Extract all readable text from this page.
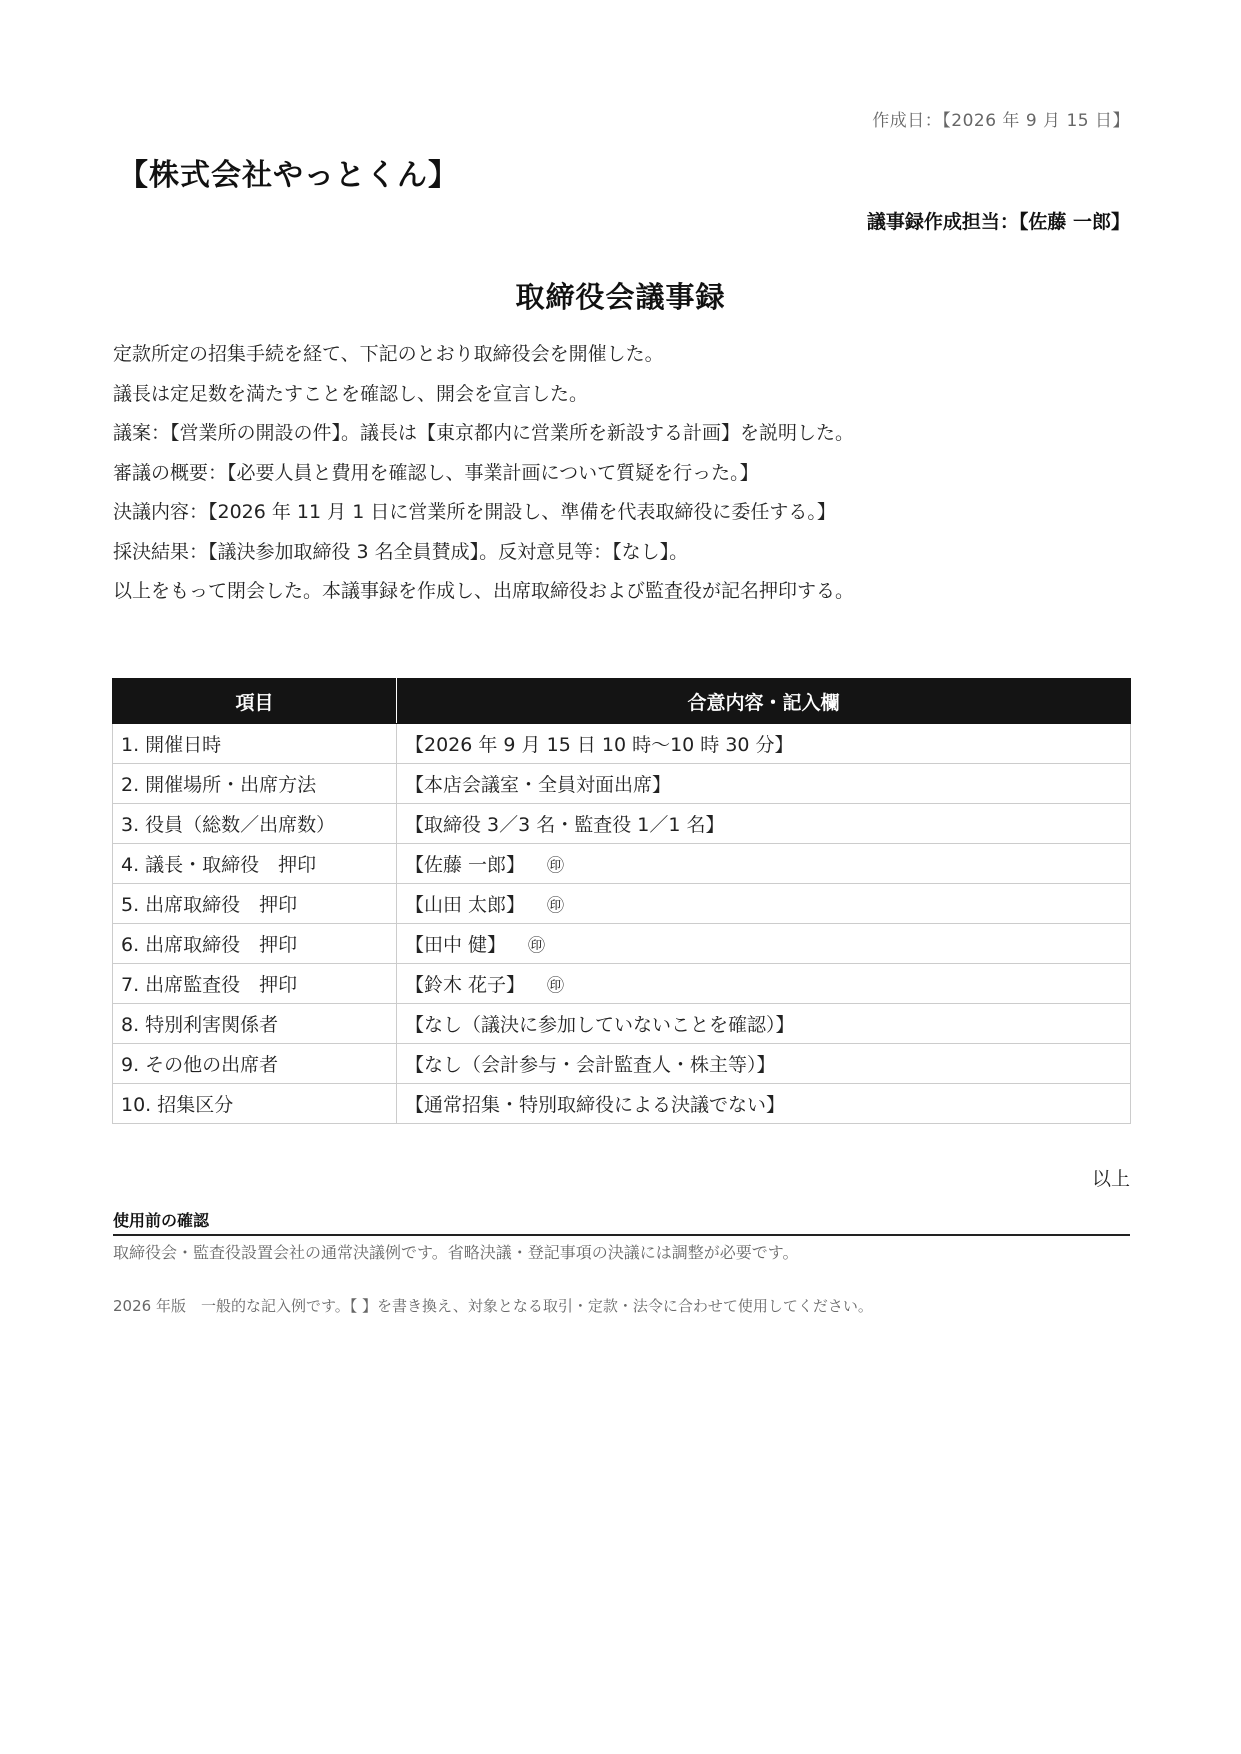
作成日：【2026 年 9 月 15 日】
【株式会社やっとくん】
議事録作成担当：【佐藤 一郎】
取締役会議事録

定款所定の招集手続を経て、下記のとおり取締役会を開催した。

議長は定足数を満たすことを確認し、開会を宣言した。

議案：【営業所の開設の件】。議長は【東京都内に営業所を新設する計画】を説明した。

審議の概要：【必要人員と費用を確認し、事業計画について質疑を行った。】

決議内容：【2026 年 11 月 1 日に営業所を開設し、準備を代表取締役に委任する。】

採決結果：【議決参加取締役 3 名全員賛成】。反対意見等：【なし】。

以上をもって閉会した。本議事録を作成し、出席取締役および監査役が記名押印する。

項目	合意内容・記入欄
1. 開催日時	【2026 年 9 月 15 日 10 時〜10 時 30 分】
2. 開催場所・出席方法	【本店会議室・全員対面出席】
3. 役員（総数／出席数）	【取締役 3／3 名・監査役 1／1 名】
4. 議長・取締役　押印	【佐藤 一郎】 ㊞
5. 出席取締役　押印	【山田 太郎】 ㊞
6. 出席取締役　押印	【田中 健】 ㊞
7. 出席監査役　押印	【鈴木 花子】 ㊞
8. 特別利害関係者	【なし（議決に参加していないことを確認）】
9. その他の出席者	【なし（会計参与・会計監査人・株主等）】
10. 招集区分	【通常招集・特別取締役による決議でない】
以上
使用前の確認
取締役会・監査役設置会社の通常決議例です。省略決議・登記事項の決議には調整が必要です。
2026 年版　一般的な記入例です。【 】を書き換え、対象となる取引・定款・法令に合わせて使用してください。
